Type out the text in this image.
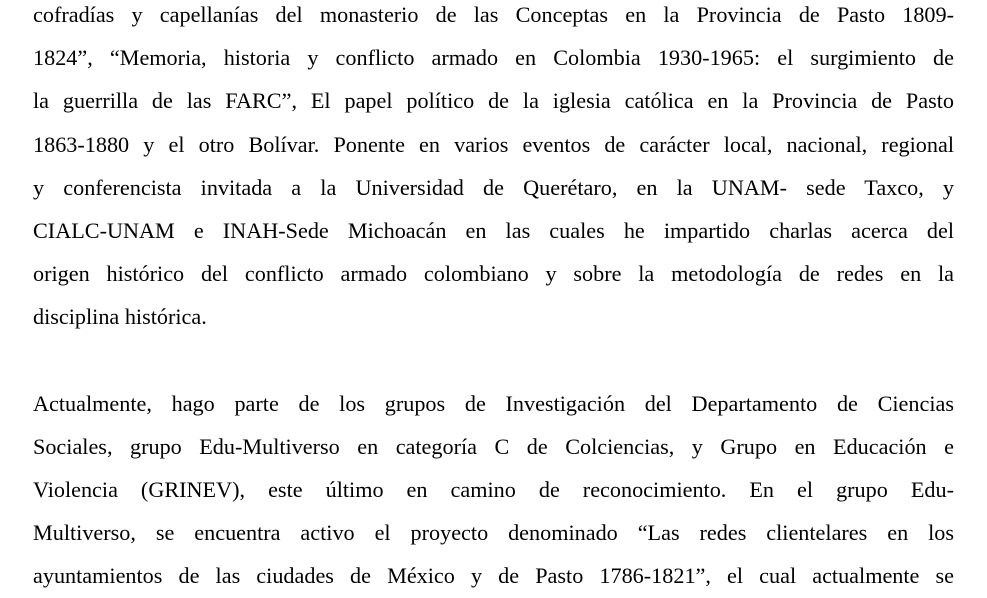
cofradías y capellanías del monasterio de las Conceptas en la Provincia de Pasto 1809-
1824”, “Memoria, historia y conflicto armado en Colombia 1930-1965: el surgimiento de
la guerrilla de las FARC”, El papel político de la iglesia católica en la Provincia de Pasto
1863-1880 y el otro Bolívar. Ponente en varios eventos de carácter local, nacional, regional
y conferencista invitada a la Universidad de Querétaro, en la UNAM- sede Taxco, y
CIALC-UNAM e INAH-Sede Michoacán en las cuales he impartido charlas acerca del
origen histórico del conflicto armado colombiano y sobre la metodología de redes en la
disciplina histórica.
Actualmente, hago parte de los grupos de Investigación del Departamento de Ciencias
Sociales, grupo Edu-Multiverso en categoría C de Colciencias, y Grupo en Educación e
Violencia (GRINEV), este último en camino de reconocimiento. En el grupo Edu-
Multiverso, se encuentra activo el proyecto denominado “Las redes clientelares en los
ayuntamientos de las ciudades de México y de Pasto 1786-1821”, el cual actualmente se
